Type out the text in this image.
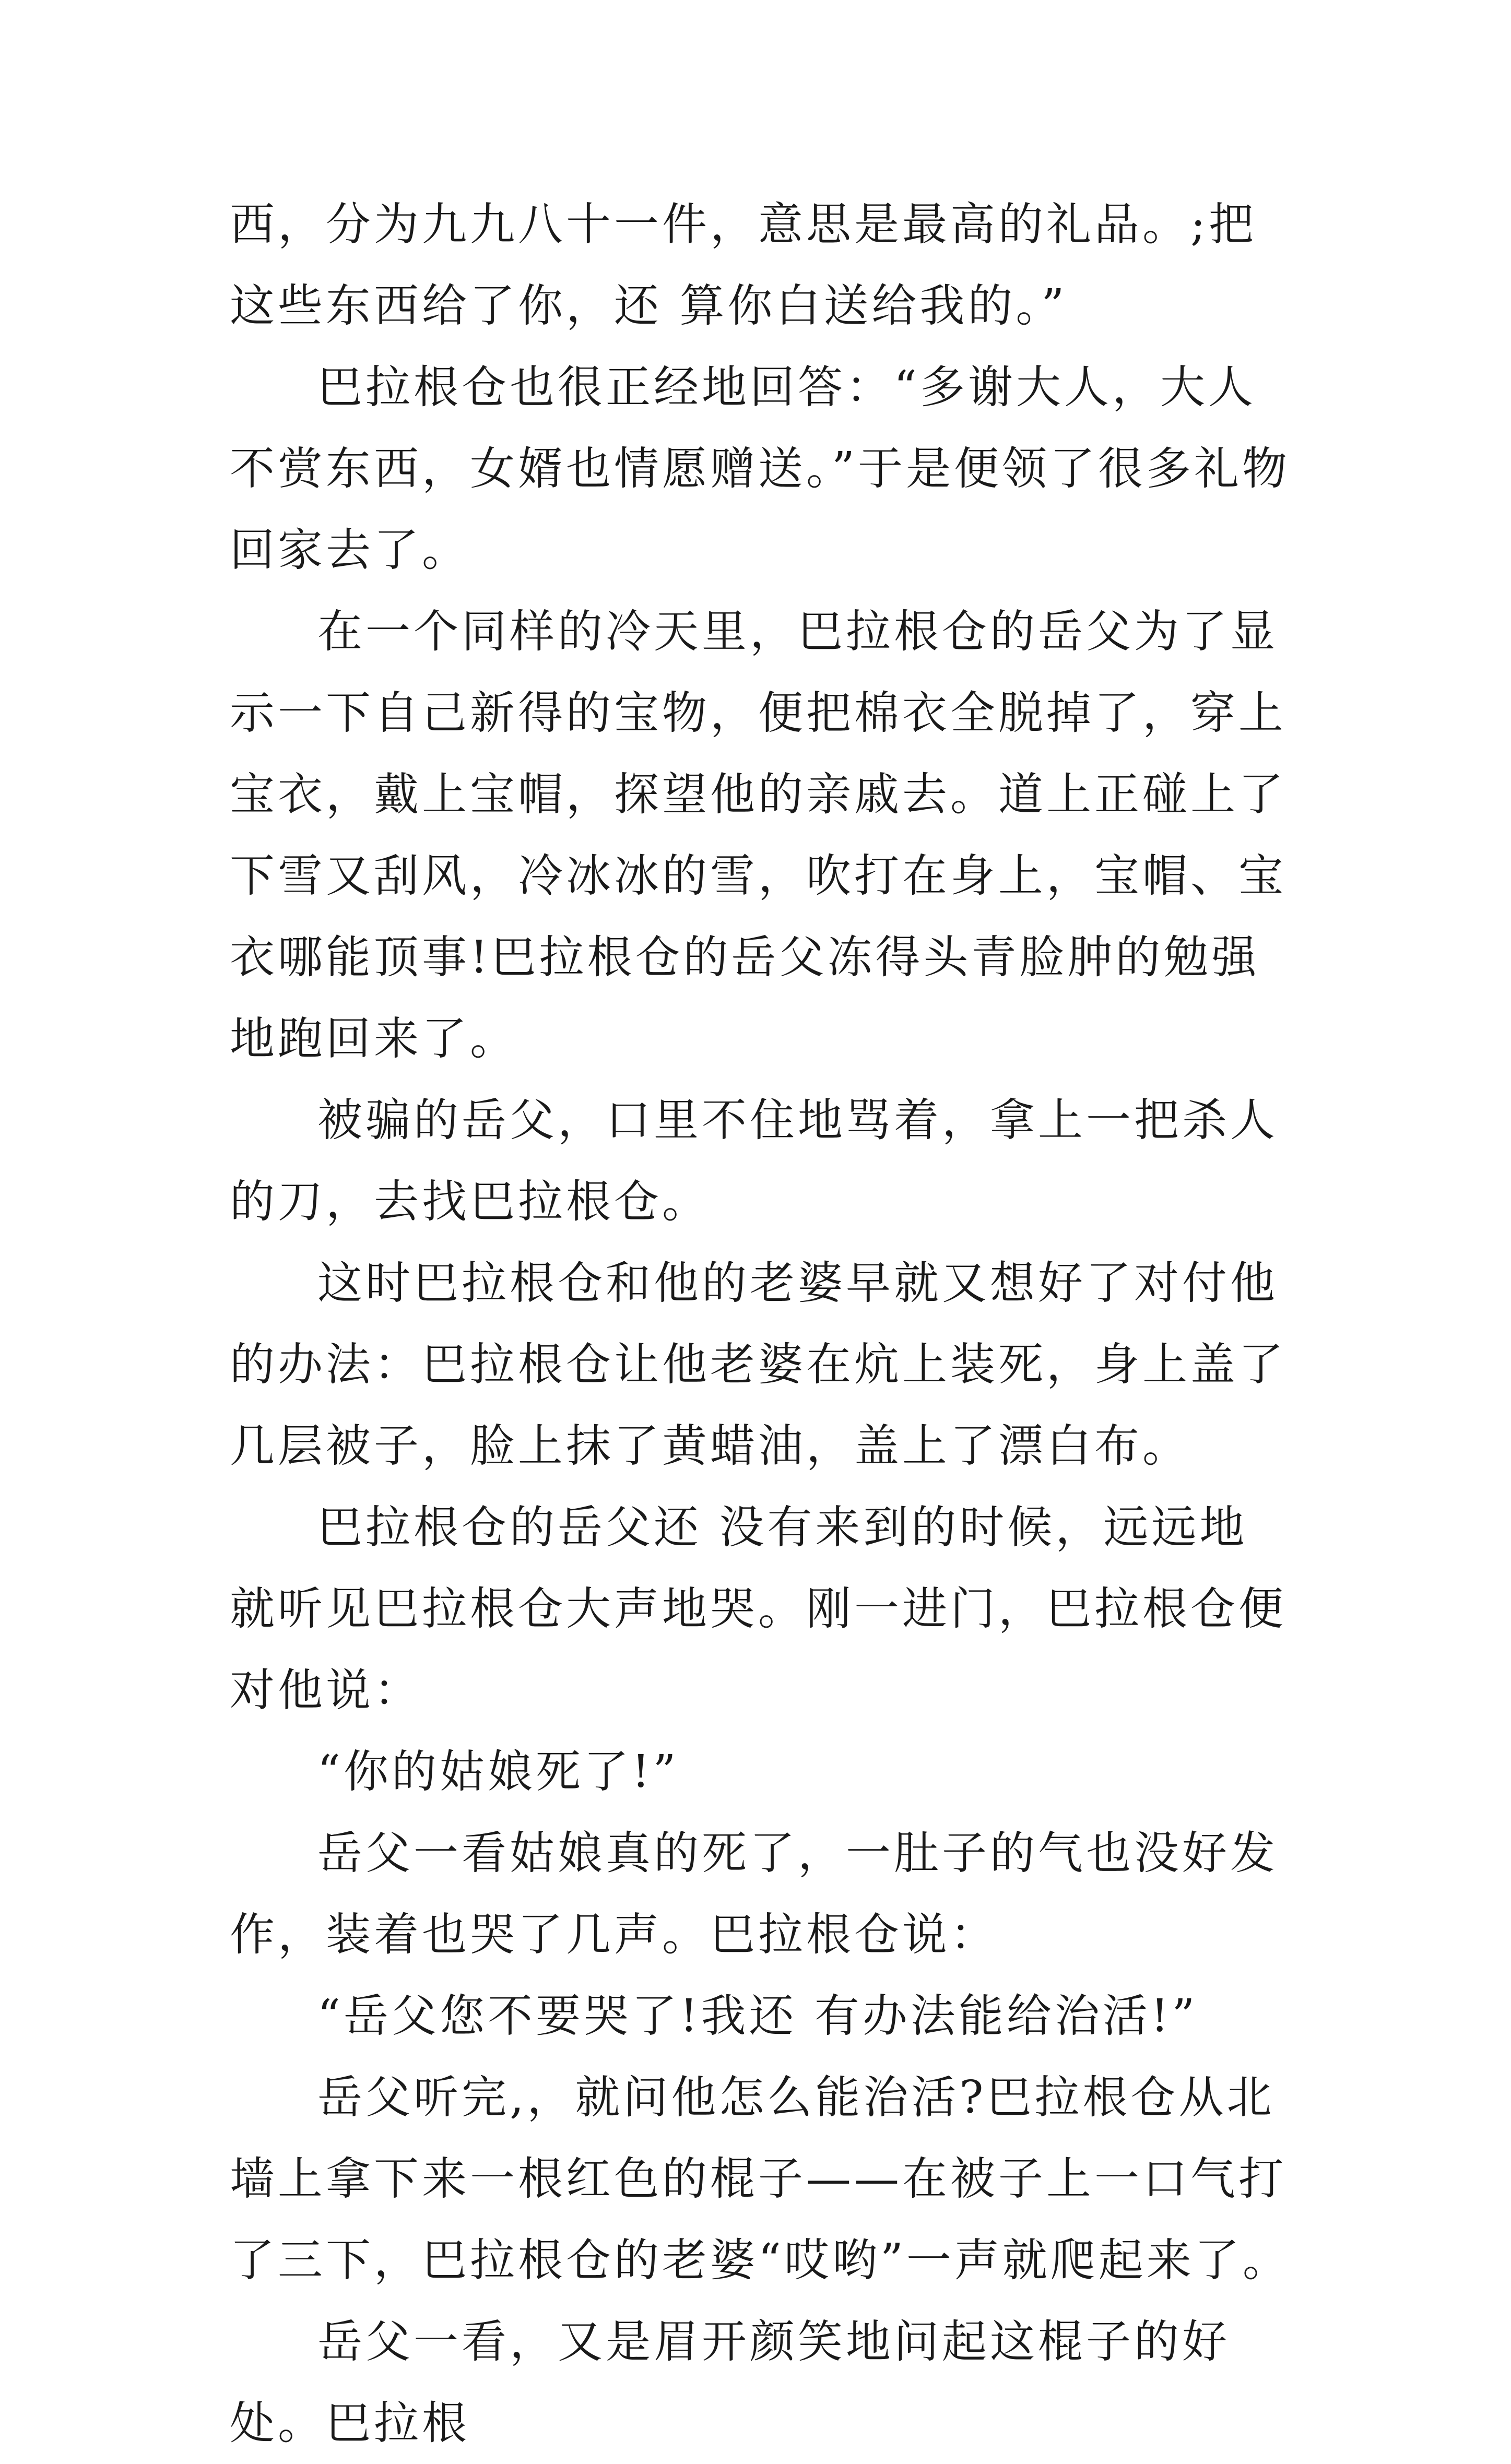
西，分为九九八十一件，意思是最高的礼品。;把这些东西给了你，还 算你白送给我的。”

巴拉根仓也很正经地回答：“多谢大人，大人不赏东西，女婿也情愿赠送。”于是便领了很多礼物回家去了。

在一个同样的冷天里，巴拉根仓的岳父为了显示一下自己新得的宝物，便把棉衣全脱掉了，穿上宝衣，戴上宝帽，探望他的亲戚去。道上正碰上了下雪又刮风，冷冰冰的雪，吹打在身上，宝帽、宝衣哪能顶事!巴拉根仓的岳父冻得头青脸肿的勉强地跑回来了。

被骗的岳父，口里不住地骂着，拿上一把杀人的刀，去找巴拉根仓。

这时巴拉根仓和他的老婆早就又想好了对付他的办法：巴拉根仓让他老婆在炕上装死，身上盖了几层被子，脸上抹了黄蜡油，盖上了漂白布。

巴拉根仓的岳父还 没有来到的时候，远远地就听见巴拉根仓大声地哭。刚一进门，巴拉根仓便对他说：

“你的姑娘死了!”

岳父一看姑娘真的死了，一肚子的气也没好发作，装着也哭了几声。巴拉根仓说：

“岳父您不要哭了!我还 有办法能给治活!”

岳父听完,，就问他怎么能治活?巴拉根仓从北墙上拿下来一根红色的棍子——在被子上一口气打了三下，巴拉根仓的老婆“哎哟”一声就爬起来了。

岳父一看，又是眉开颜笑地问起这棍子的好处。巴拉根
